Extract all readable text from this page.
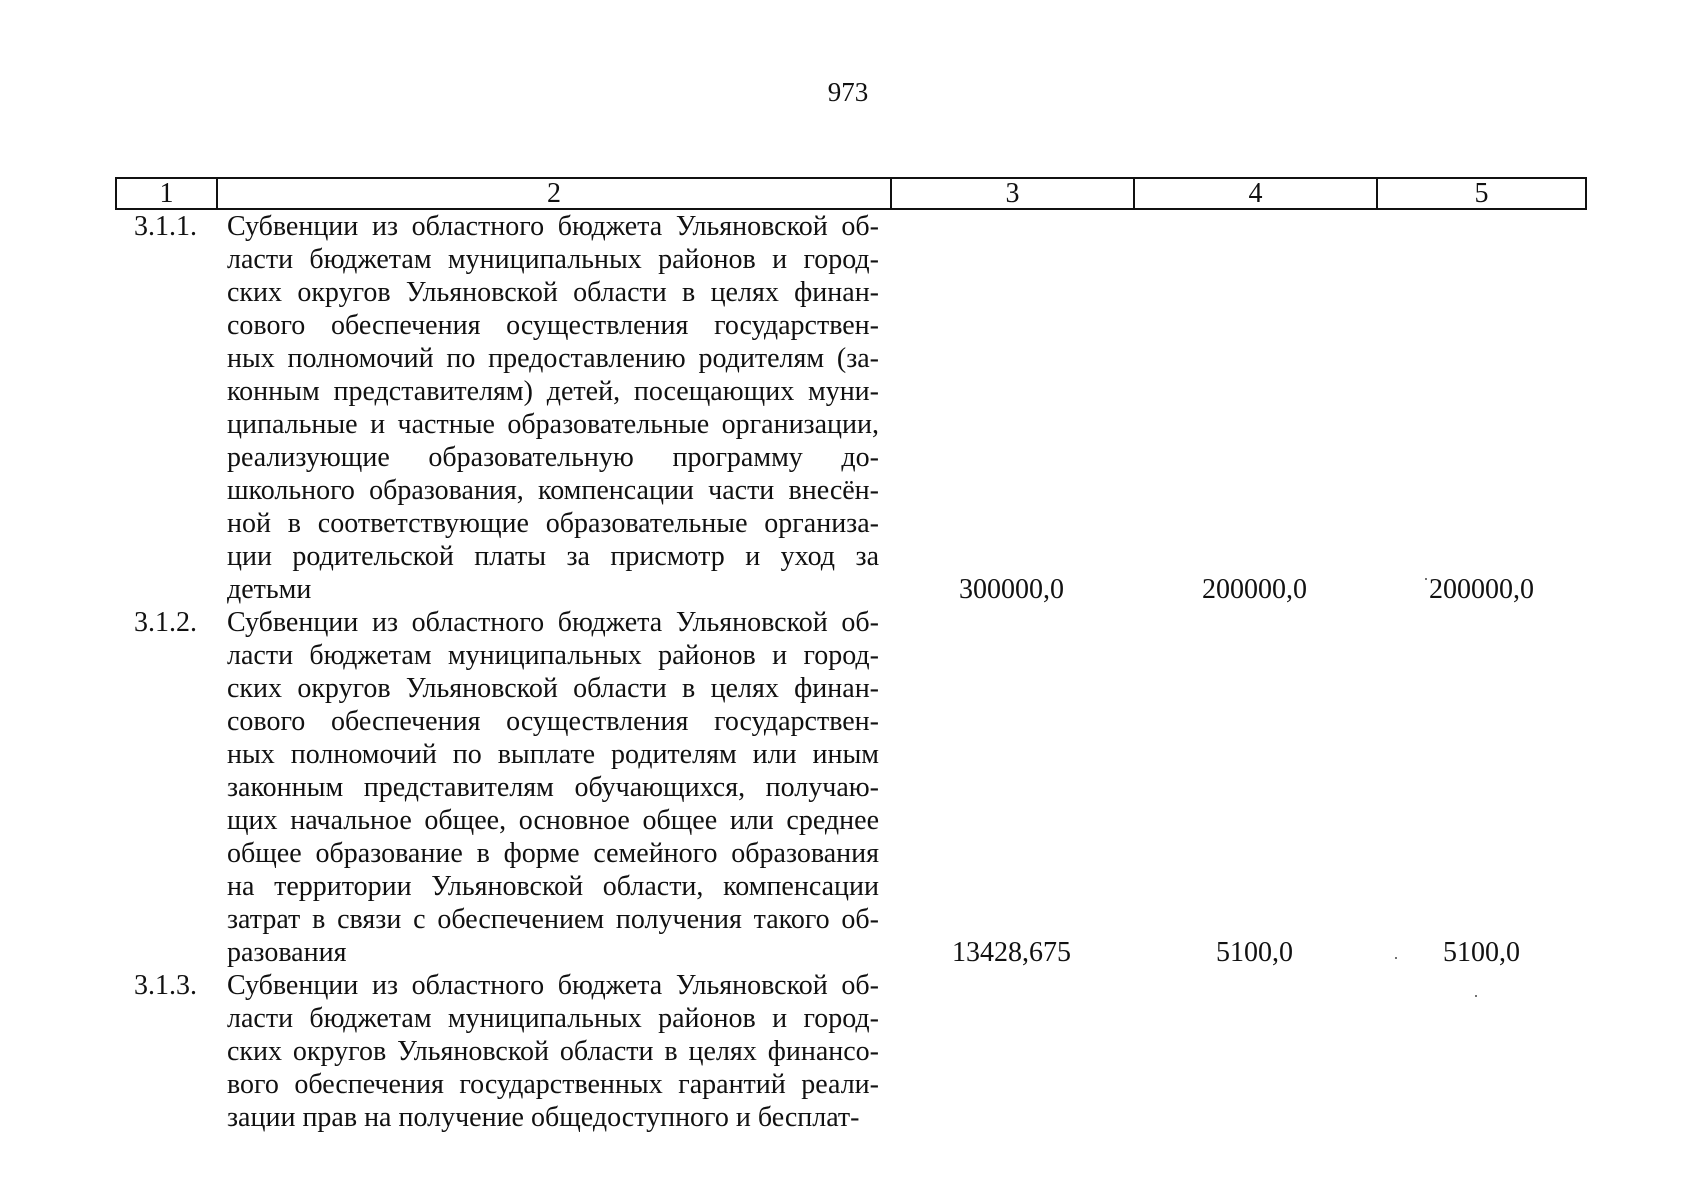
973
1	2	3	4	5
3.1.1.	Субвенции из областного бюджета Ульяновской об-
ласти бюджетам муниципальных районов и город-
ских округов Ульяновской области в целях финан-
сового обеспечения осуществления государствен-
ных полномочий по предоставлению родителям (за-
конным представителям) детей, посещающих муни-
ципальные и частные образовательные организации,
реализующие образовательную программу до-
школьного образования, компенсации части внесён-
ной в соответствующие образовательные организа-
ции родительской платы за присмотр и уход за
детьми	300000,0	200000,0	200000,0
3.1.2.	Субвенции из областного бюджета Ульяновской об-
ласти бюджетам муниципальных районов и город-
ских округов Ульяновской области в целях финан-
сового обеспечения осуществления государствен-
ных полномочий по выплате родителям или иным
законным представителям обучающихся, получаю-
щих начальное общее, основное общее или среднее
общее образование в форме семейного образования
на территории Ульяновской области, компенсации
затрат в связи с обеспечением получения такого об-
разования	13428,675	5100,0	5100,0
3.1.3.	Субвенции из областного бюджета Ульяновской об-
ласти бюджетам муниципальных районов и город-
ских округов Ульяновской области в целях финансо-
вого обеспечения государственных гарантий реали-
зации прав на получение общедоступного и бесплат-
